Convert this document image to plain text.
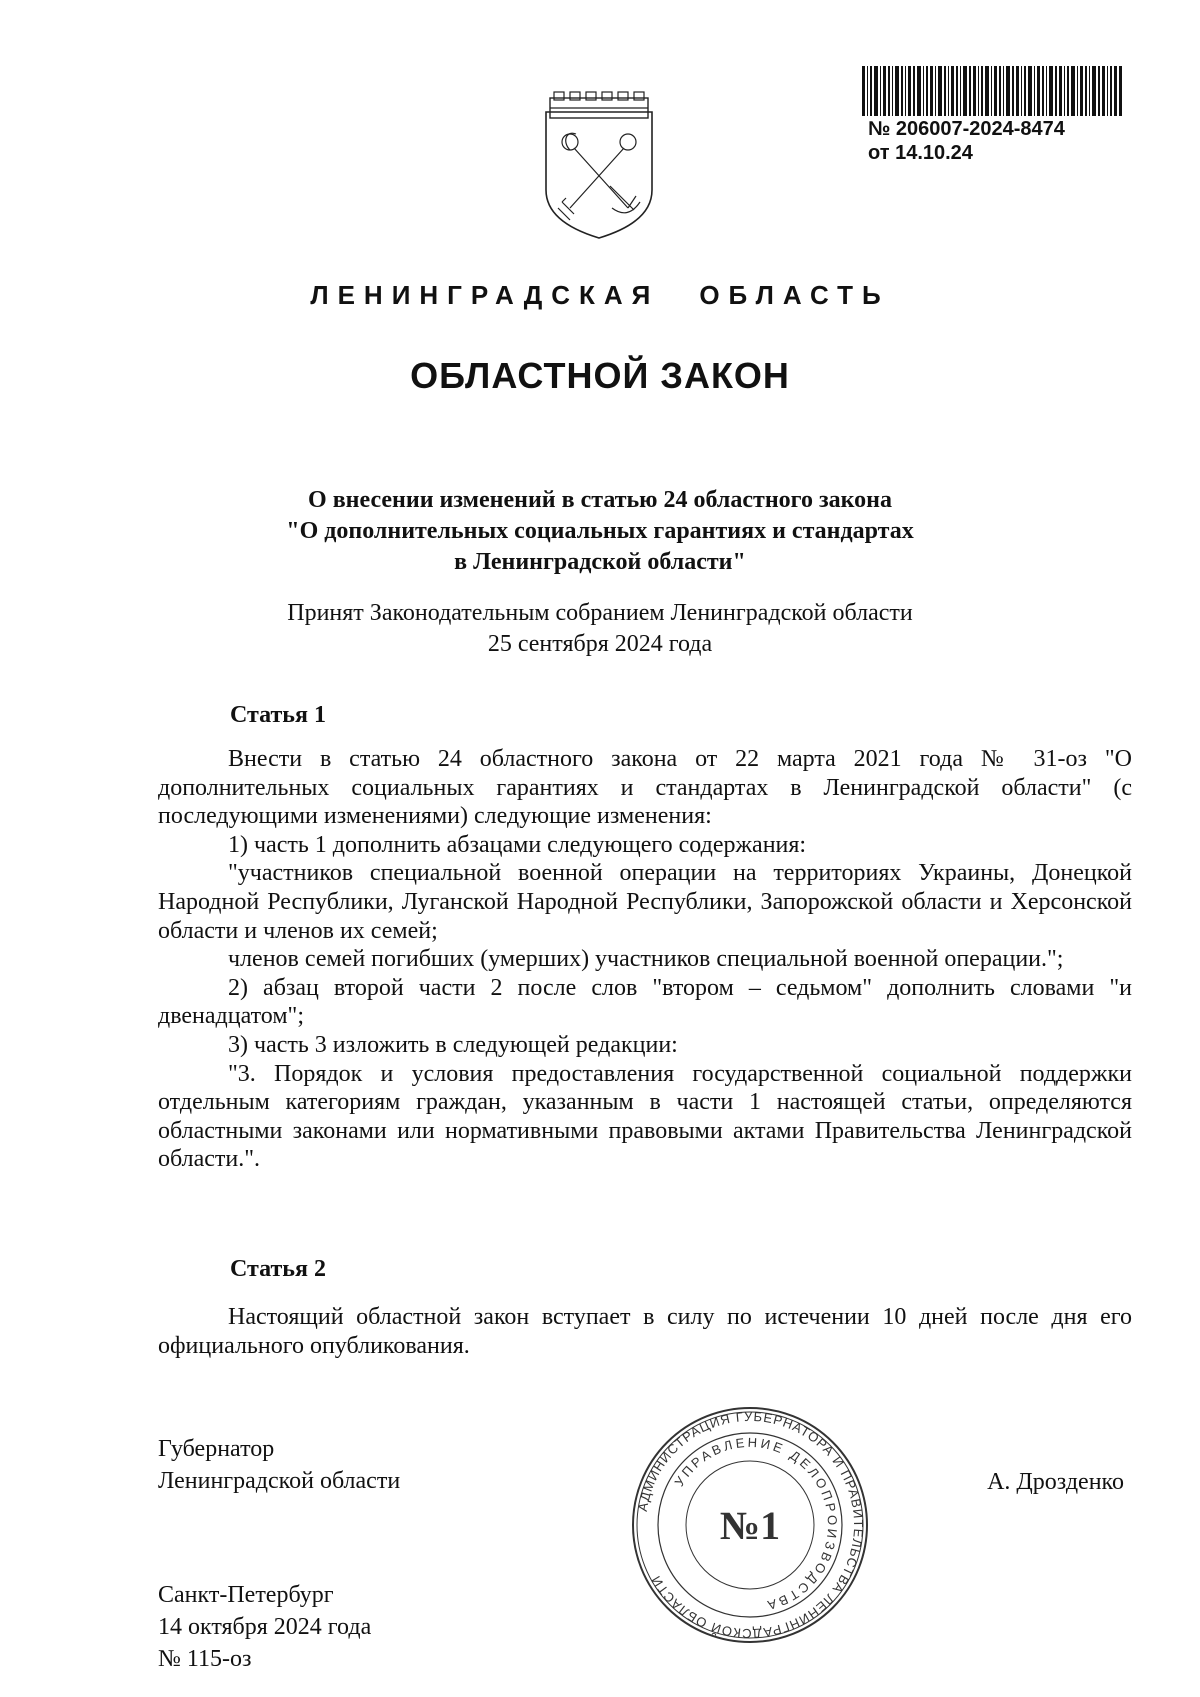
№ 206007-2024-8474
от 14.10.24
ЛЕНИНГРАДСКАЯ ОБЛАСТЬ
ОБЛАСТНОЙ ЗАКОН
О внесении изменений в статью 24 областного закона
"О дополнительных социальных гарантиях и стандартах
в Ленинградской области"
Принят Законодательным собранием Ленинградской области
25 сентября 2024 года
Статья 1

Внести в статью 24 областного закона от 22 марта 2021 года № 31-оз "О дополнительных социальных гарантиях и стандартах в Ленинградской области" (с последующими изменениями) следующие изменения:

1) часть 1 дополнить абзацами следующего содержания:

"участников специальной военной операции на территориях Украины, Донецкой Народной Республики, Луганской Народной Республики, Запорожской области и Херсонской области и членов их семей;

членов семей погибших (умерших) участников специальной военной операции.";

2) абзац второй части 2 после слов "втором – седьмом" дополнить словами "и двенадцатом";

3) часть 3 изложить в следующей редакции:

"3. Порядок и условия предоставления государственной социальной поддержки отдельным категориям граждан, указанным в части 1 настоящей статьи, определяются областными законами или нормативными правовыми актами Правительства Ленинградской области.".

Статья 2

Настоящий областной закон вступает в силу по истечении 10 дней после дня его официального опубликования.

Губернатор
Ленинградской области	А. Дрозденко
Санкт-Петербург
14 октября 2024 года
№ 115-оз
АДМИНИСТРАЦИЯ ГУБЕРНАТОРА И ПРАВИТЕЛЬСТВА ЛЕНИНГРАДСКОЙ ОБЛАСТИ
УПРАВЛЕНИЕ ДЕЛОПРОИЗВОДСТВА
№1
